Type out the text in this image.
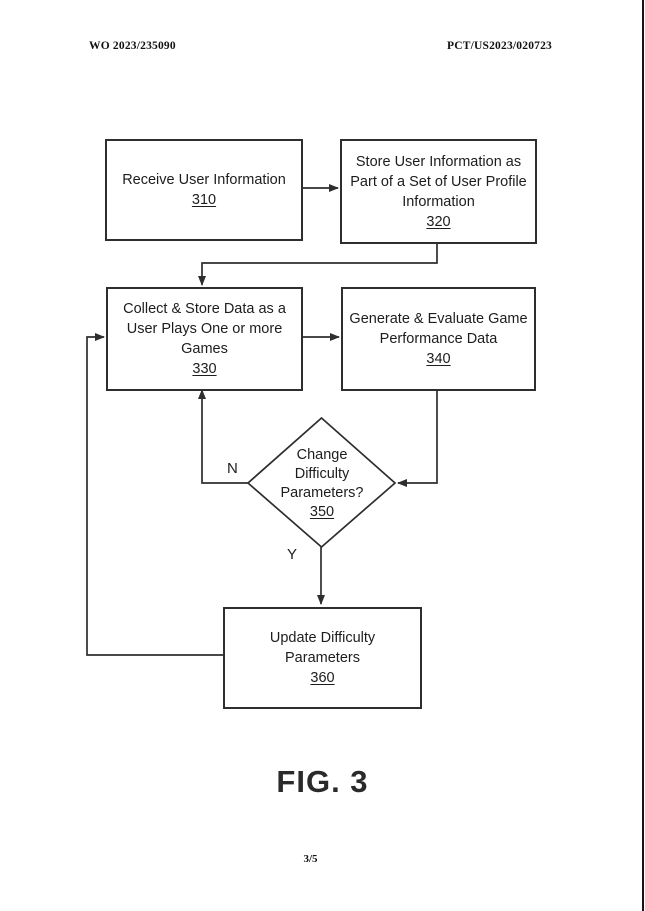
WO 2023/235090	PCT/US2023/020723
Receive User Information
310
Store User Information as
Part of a Set of User Profile
Information
320
Collect & Store Data as a
User Plays One or more
Games
330
Generate & Evaluate Game
Performance Data
340
Change
Difficulty
Parameters?
350
N
Y
Update Difficulty
Parameters
360
FIG. 3
3/5
